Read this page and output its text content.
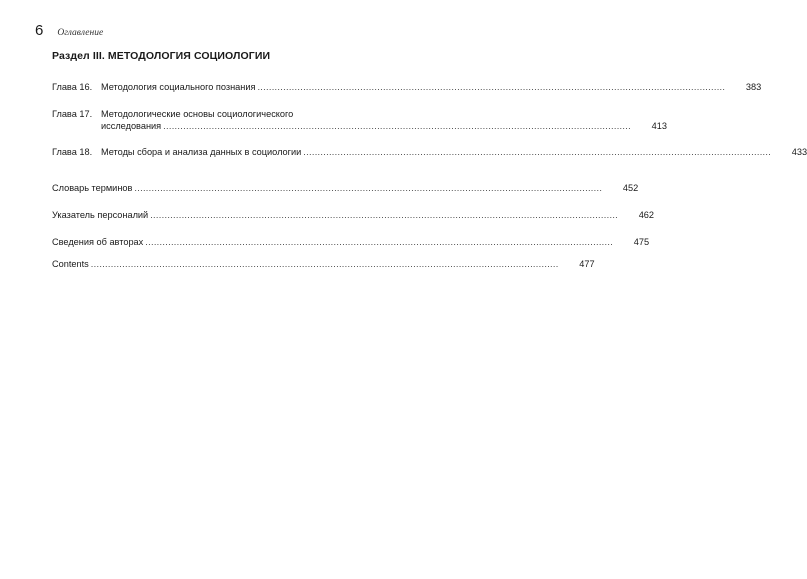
6 Оглавление
Раздел III. МЕТОДОЛОГИЯ СОЦИОЛОГИИ
Глава 16. Методология социального познания .....	383
Глава 17. Методологические основы социологического
исследования .....	413
Глава 18. Методы сбора и анализа данных в социологии .....	433
Словарь терминов .....	452
Указатель персоналий .....	462
Сведения об авторах .....	475
Contents .....	477
